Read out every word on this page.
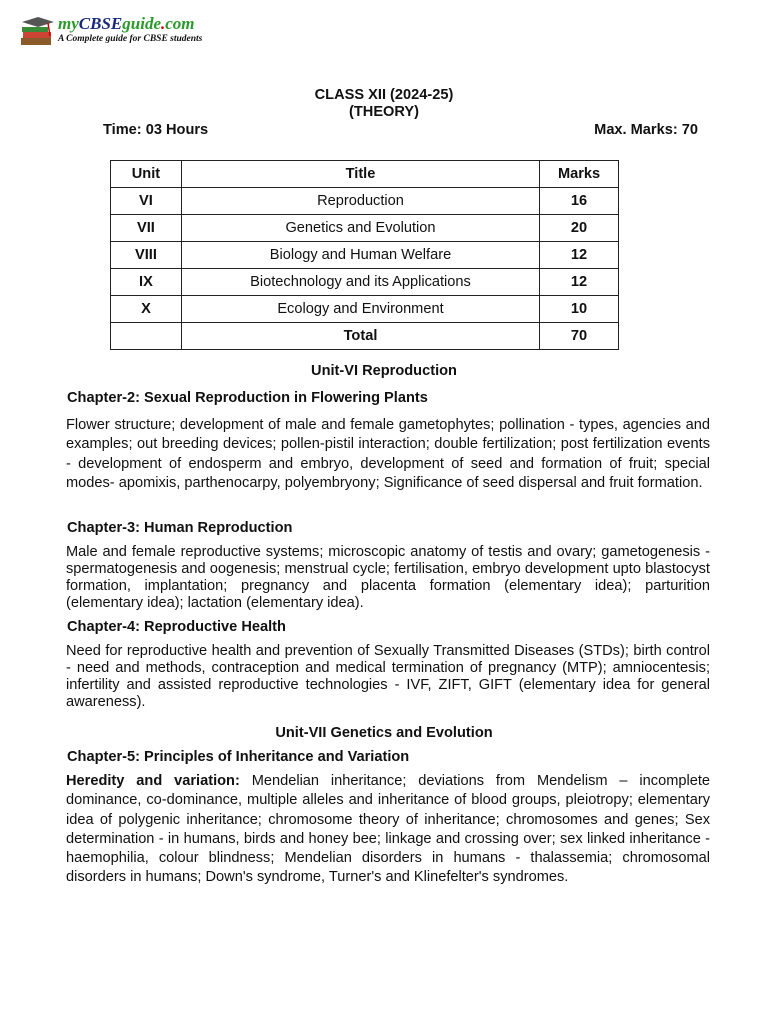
myCBSEguide.com
A Complete guide for CBSE students
CLASS XII (2024-25)
(THEORY)
Time: 03 Hours	Max. Marks: 70
Unit	Title	Marks
VI	Reproduction	16
VII	Genetics and Evolution	20
VIII	Biology and Human Welfare	12
IX	Biotechnology and its Applications	12
X	Ecology and Environment	10
	Total	70
Unit-VI Reproduction
Chapter-2: Sexual Reproduction in Flowering Plants
Flower structure; development of male and female gametophytes; pollination - types, agencies and examples; out breeding devices; pollen-pistil interaction; double fertilization; post fertilization events - development of endosperm and embryo, development of seed and formation of fruit; special modes- apomixis, parthenocarpy, polyembryony; Significance of seed dispersal and fruit formation.
Chapter-3: Human Reproduction
Male and female reproductive systems; microscopic anatomy of testis and ovary; gametogenesis -spermatogenesis and oogenesis; menstrual cycle; fertilisation, embryo development upto blastocyst formation, implantation; pregnancy and placenta formation (elementary idea); parturition (elementary idea); lactation (elementary idea).
Chapter-4: Reproductive Health
Need for reproductive health and prevention of Sexually Transmitted Diseases (STDs); birth control - need and methods, contraception and medical termination of pregnancy (MTP); amniocentesis; infertility and assisted reproductive technologies - IVF, ZIFT, GIFT (elementary idea for general awareness).
Unit-VII Genetics and Evolution
Chapter-5: Principles of Inheritance and Variation
Heredity and variation: Mendelian inheritance; deviations from Mendelism – incomplete dominance, co-dominance, multiple alleles and inheritance of blood groups, pleiotropy; elementary idea of polygenic inheritance; chromosome theory of inheritance; chromosomes and genes; Sex determination - in humans, birds and honey bee; linkage and crossing over; sex linked inheritance - haemophilia, colour blindness; Mendelian disorders in humans - thalassemia; chromosomal disorders in humans; Down's syndrome, Turner's and Klinefelter's syndromes.
